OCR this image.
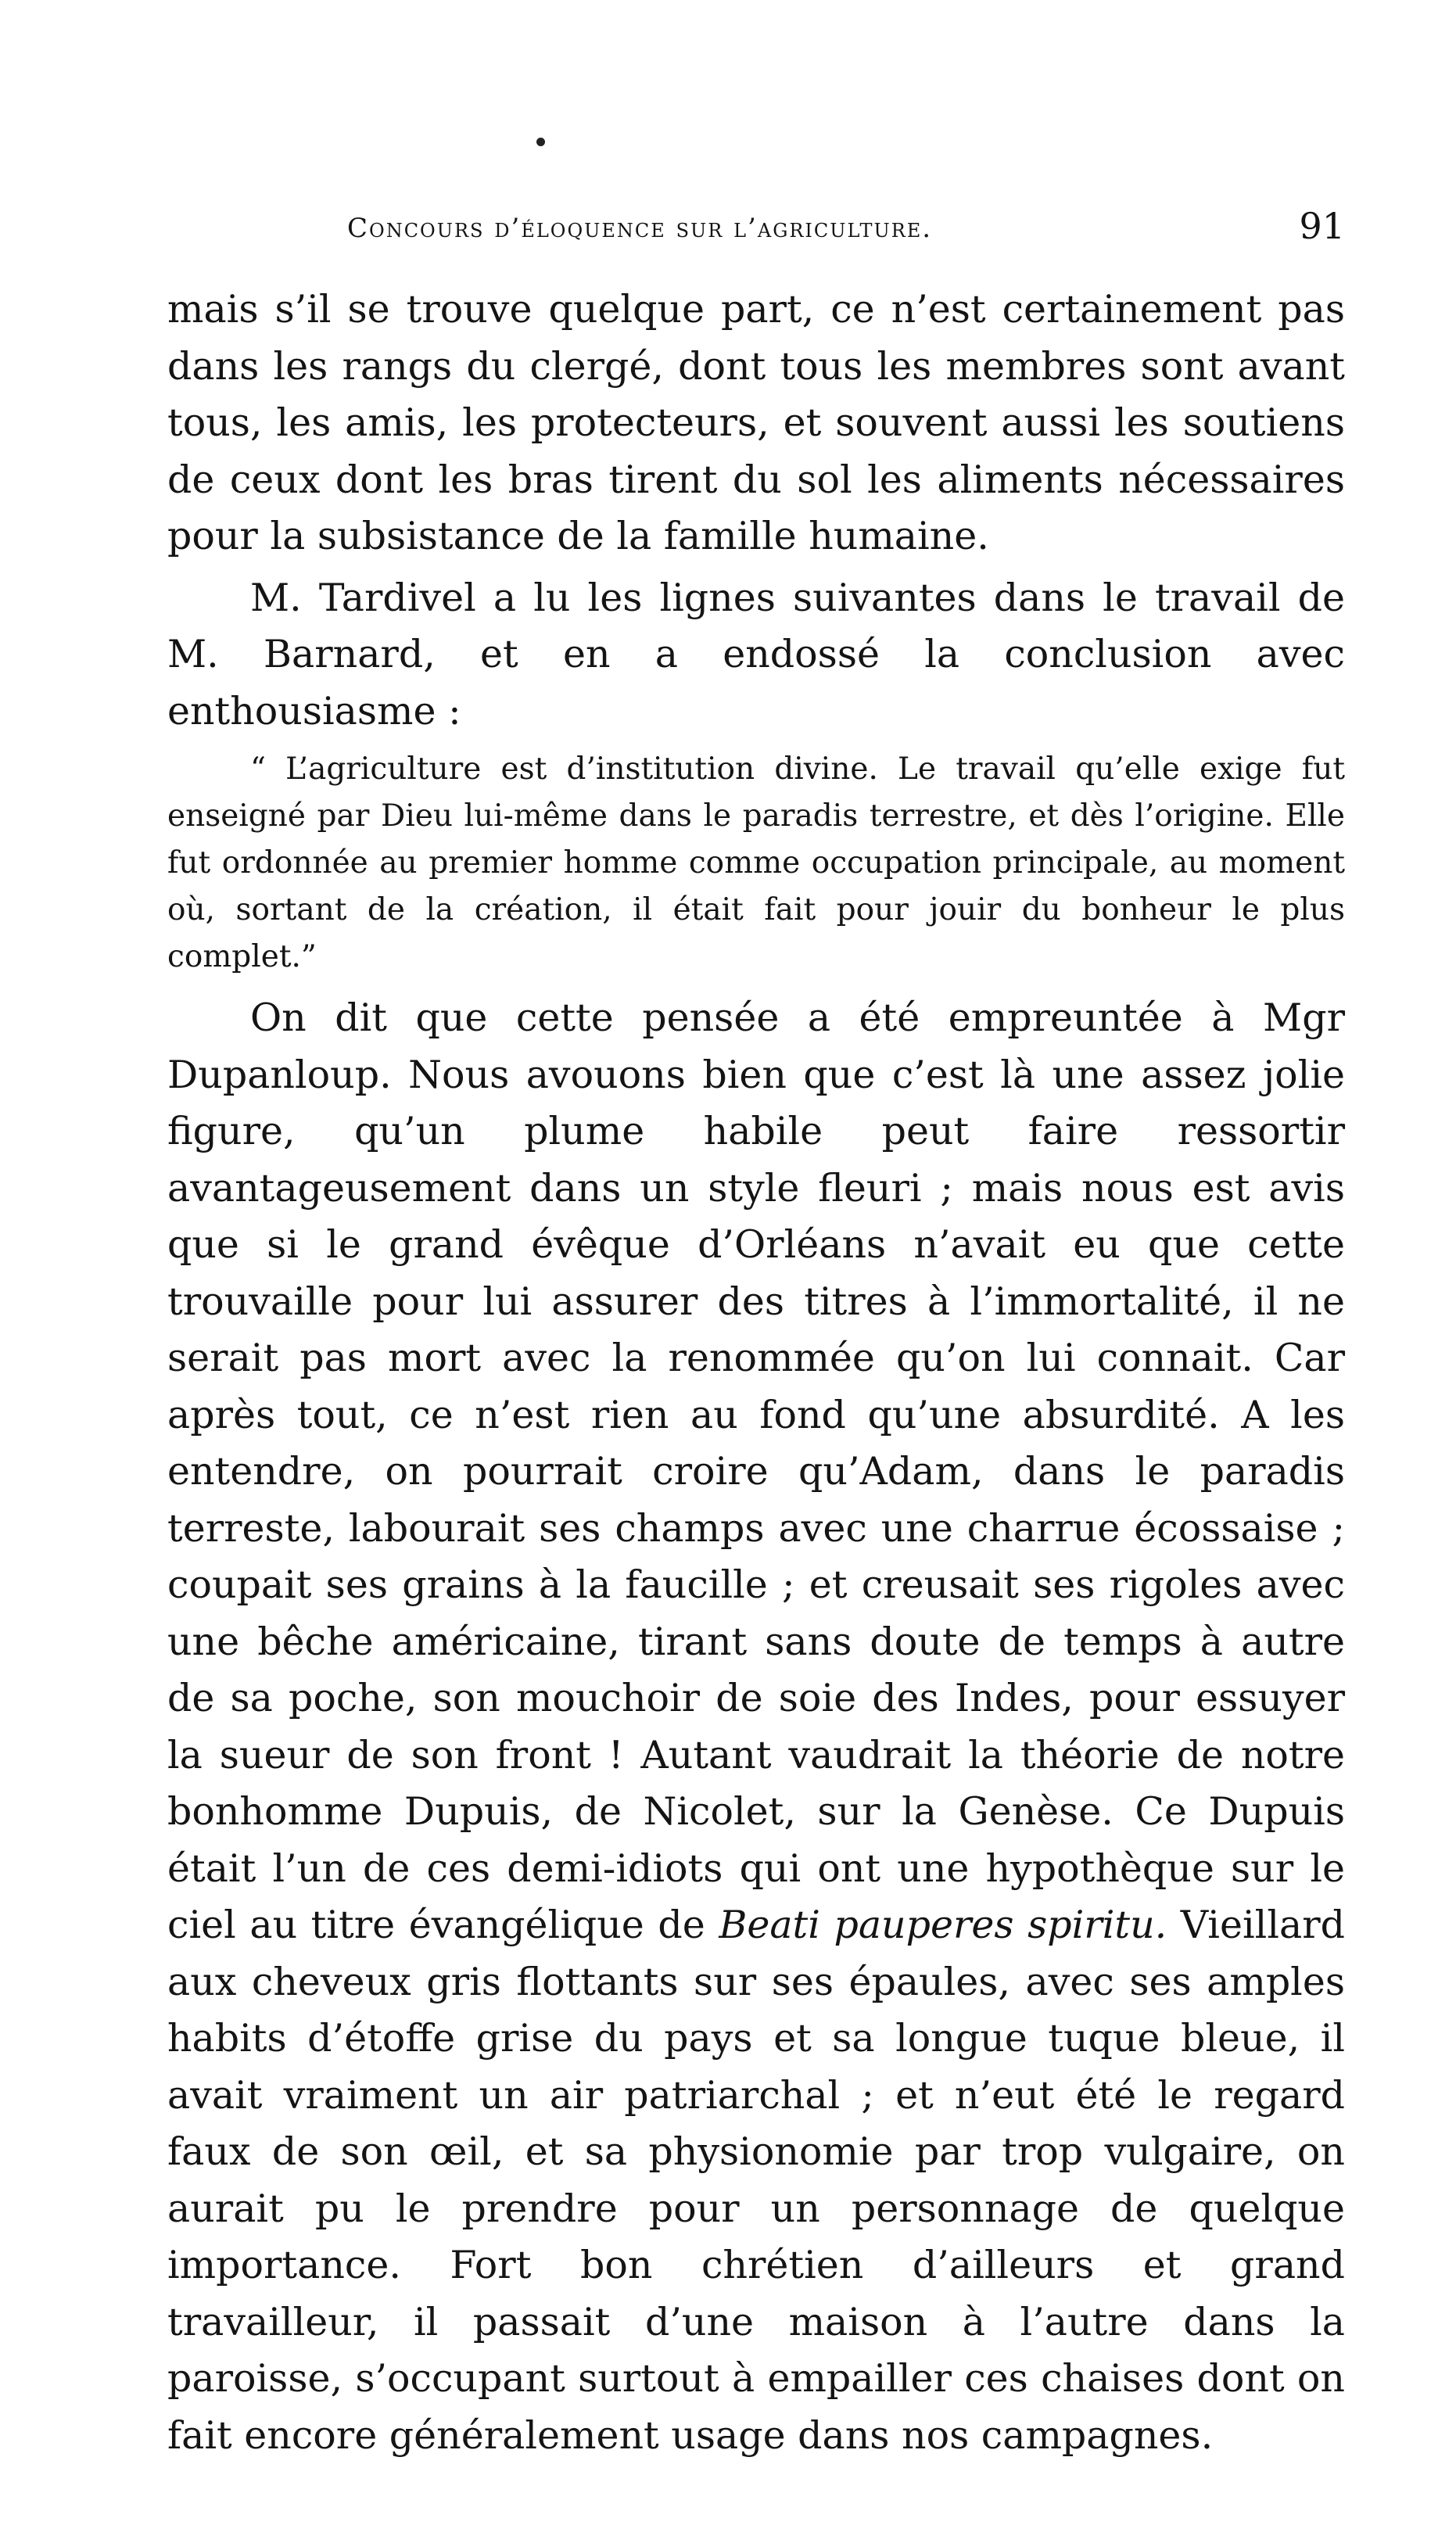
Concours d’éloquence sur l’agriculture.	91

mais s’il se trouve quelque part, ce n’est certainement pas dans les rangs du clergé, dont tous les membres sont avant tous, les amis, les protecteurs, et souvent aussi les soutiens de ceux dont les bras tirent du sol les aliments nécessaires pour la subsistance de la famille humaine.

M. Tardivel a lu les lignes suivantes dans le travail de M. Barnard, et en a endossé la conclusion avec enthousiasme :

“ L’agriculture est d’institution divine. Le travail qu’elle exige fut enseigné par Dieu lui-même dans le paradis terrestre, et dès l’origine. Elle fut ordonnée au premier homme comme occupation principale, au moment où, sortant de la création, il était fait pour jouir du bonheur le plus complet.”

On dit que cette pensée a été empreuntée à Mgr Dupanloup. Nous avouons bien que c’est là une assez jolie figure, qu’un plume habile peut faire ressortir avantageusement dans un style fleuri ; mais nous est avis que si le grand évêque d’Orléans n’avait eu que cette trouvaille pour lui assurer des titres à l’immortalité, il ne serait pas mort avec la renommée qu’on lui connait. Car après tout, ce n’est rien au fond qu’une absurdité. A les entendre, on pourrait croire qu’Adam, dans le paradis terreste, labourait ses champs avec une charrue écossaise ; coupait ses grains à la faucille ; et creusait ses rigoles avec une bêche américaine, tirant sans doute de temps à autre de sa poche, son mouchoir de soie des Indes, pour essuyer la sueur de son front ! Autant vaudrait la théorie de notre bonhomme Dupuis, de Nicolet, sur la Genèse. Ce Dupuis était l’un de ces demi-idiots qui ont une hypothèque sur le ciel au titre évangélique de Beati pauperes spiritu. Vieillard aux cheveux gris flottants sur ses épaules, avec ses amples habits d’étoffe grise du pays et sa longue tuque bleue, il avait vraiment un air patriarchal ; et n’eut été le regard faux de son œil, et sa physionomie par trop vulgaire, on aurait pu le prendre pour un personnage de quelque importance. Fort bon chrétien d’ailleurs et grand travailleur, il passait d’une maison à l’autre dans la paroisse, s’occupant surtout à empailler ces chaises dont on fait encore généralement usage dans nos campagnes.
